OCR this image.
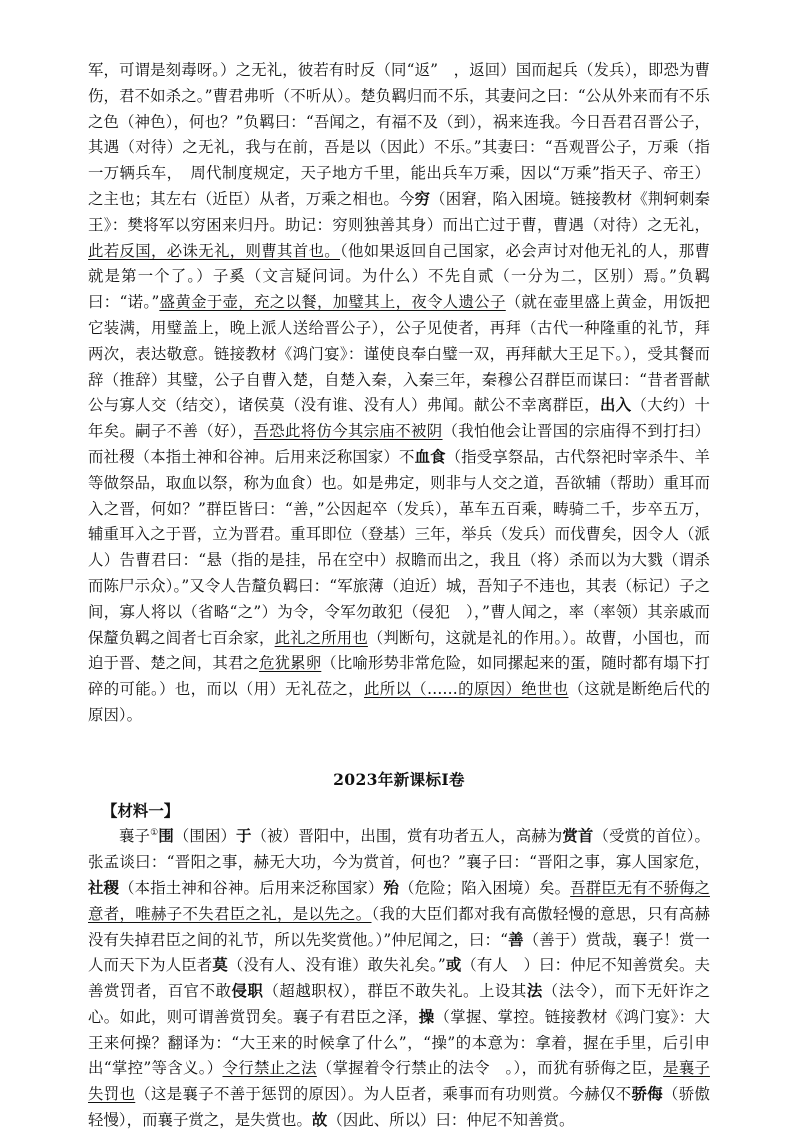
军，可谓是刻毒呀。）之无礼，彼若有时反（同“返”　，返回）国而起兵（发兵），即恐为曹伤，君不如杀之。”曹君弗听（不听从）。楚负羁归而不乐，其妻问之曰：“公从外来而有不乐之色（神色），何也？”负羁曰：“吾闻之，有福不及（到），祸来连我。今日吾君召晋公子，其遇（对待）之无礼，我与在前，吾是以（因此）不乐。”其妻曰：“吾观晋公子，万乘（指一万辆兵车，　周代制度规定，天子地方千里，能出兵车万乘，因以“万乘”指天子、帝王）之主也；其左右（近臣）从者，万乘之相也。今穷（困窘，陷入困境。链接教材《荆轲刺秦王》：樊将军以穷困来归丹。助记：穷则独善其身）而出亡过于曹，曹遇（对待）之无礼，此若反国，必诛无礼，则曹其首也。（他如果返回自己国家，必会声讨对他无礼的人，那曹就是第一个了。）子奚（文言疑问词。为什么）不先自贰（一分为二，区别）焉。”负羁曰：“诺。”盛黄金于壶，充之以餐，加璧其上，夜令人遗公子（就在壶里盛上黄金，用饭把它装满，用璧盖上，晚上派人送给晋公子），公子见使者，再拜（古代一种隆重的礼节，拜两次，表达敬意。链接教材《鸿门宴》：谨使良奉白璧一双，再拜献大王足下。），受其餐而辞（推辞）其璧，公子自曹入楚，自楚入秦，入秦三年，秦穆公召群臣而谋曰：“昔者晋献公与寡人交（结交），诸侯莫（没有谁、没有人）弗闻。献公不幸离群臣，出入（大约）十年矣。嗣子不善（好），吾恐此将仿今其宗庙不被阴（我怕他会让晋国的宗庙得不到打扫）而社稷（本指土神和谷神。后用来泛称国家）不血食（指受享祭品，古代祭祀时宰杀牛、羊等做祭品，取血以祭，称为血食）也。如是弗定，则非与人交之道，吾欲辅（帮助）重耳而入之晋，何如？”群臣皆曰：“善，”公因起卒（发兵），革车五百乘，畴骑二千，步卒五万，辅重耳入之于晋，立为晋君。重耳即位（登基）三年，举兵（发兵）而伐曹矣，因令人（派人）告曹君曰：“悬（指的是挂，吊在空中）叔瞻而出之，我且（将）杀而以为大戮（谓杀而陈尸示众）。”又令人告釐负羁曰：“军旅薄（迫近）城，吾知子不违也，其表（标记）子之间，寡人将以（省略“之”）为令，令军勿敢犯（侵犯　），”曹人闻之，率（率领）其亲戚而保釐负羁之闾者七百余家，此礼之所用也（判断句，这就是礼的作用。）。故曹，小国也，而迫于晋、楚之间，其君之危犹累卵（比喻形势非常危险，如同摞起来的蛋，随时都有塌下打碎的可能。）也，而以（用）无礼莅之，此所以（……的原因）绝世也（这就是断绝后代的原因）。

2023年新课标Ⅰ卷

【材料一】

襄子①围（围困）于（被）晋阳中，出围，赏有功者五人，高赫为赏首（受赏的首位）。张孟谈曰：“晋阳之事，赫无大功，今为赏首，何也？”襄子曰：“晋阳之事，寡人国家危，社稷（本指土神和谷神。后用来泛称国家）殆（危险；陷入困境）矣。吾群臣无有不骄侮之意者，唯赫子不失君臣之礼，是以先之。（我的大臣们都对我有高傲轻慢的意思，只有高赫没有失掉君臣之间的礼节，所以先奖赏他。）”仲尼闻之，曰：“善（善于）赏哉，襄子！赏一人而天下为人臣者莫（没有人、没有谁）敢失礼矣。”或（有人　）曰：仲尼不知善赏矣。夫善赏罚者，百官不敢侵职（超越职权），群臣不敢失礼。上设其法（法令），而下无奸诈之心。如此，则可谓善赏罚矣。襄子有君臣之泽，操（掌握、掌控。链接教材《鸿门宴》：大王来何操？翻译为：“大王来的时候拿了什么”，“操”的本意为：拿着，握在手里，后引申出“掌控”等含义。）令行禁止之法（掌握着令行禁止的法令　。），而犹有骄侮之臣，是襄子失罚也（这是襄子不善于惩罚的原因）。为人臣者，乘事而有功则赏。今赫仅不骄侮（骄傲轻慢），而襄子赏之，是失赏也。故（因此、所以）曰：仲尼不知善赏。
